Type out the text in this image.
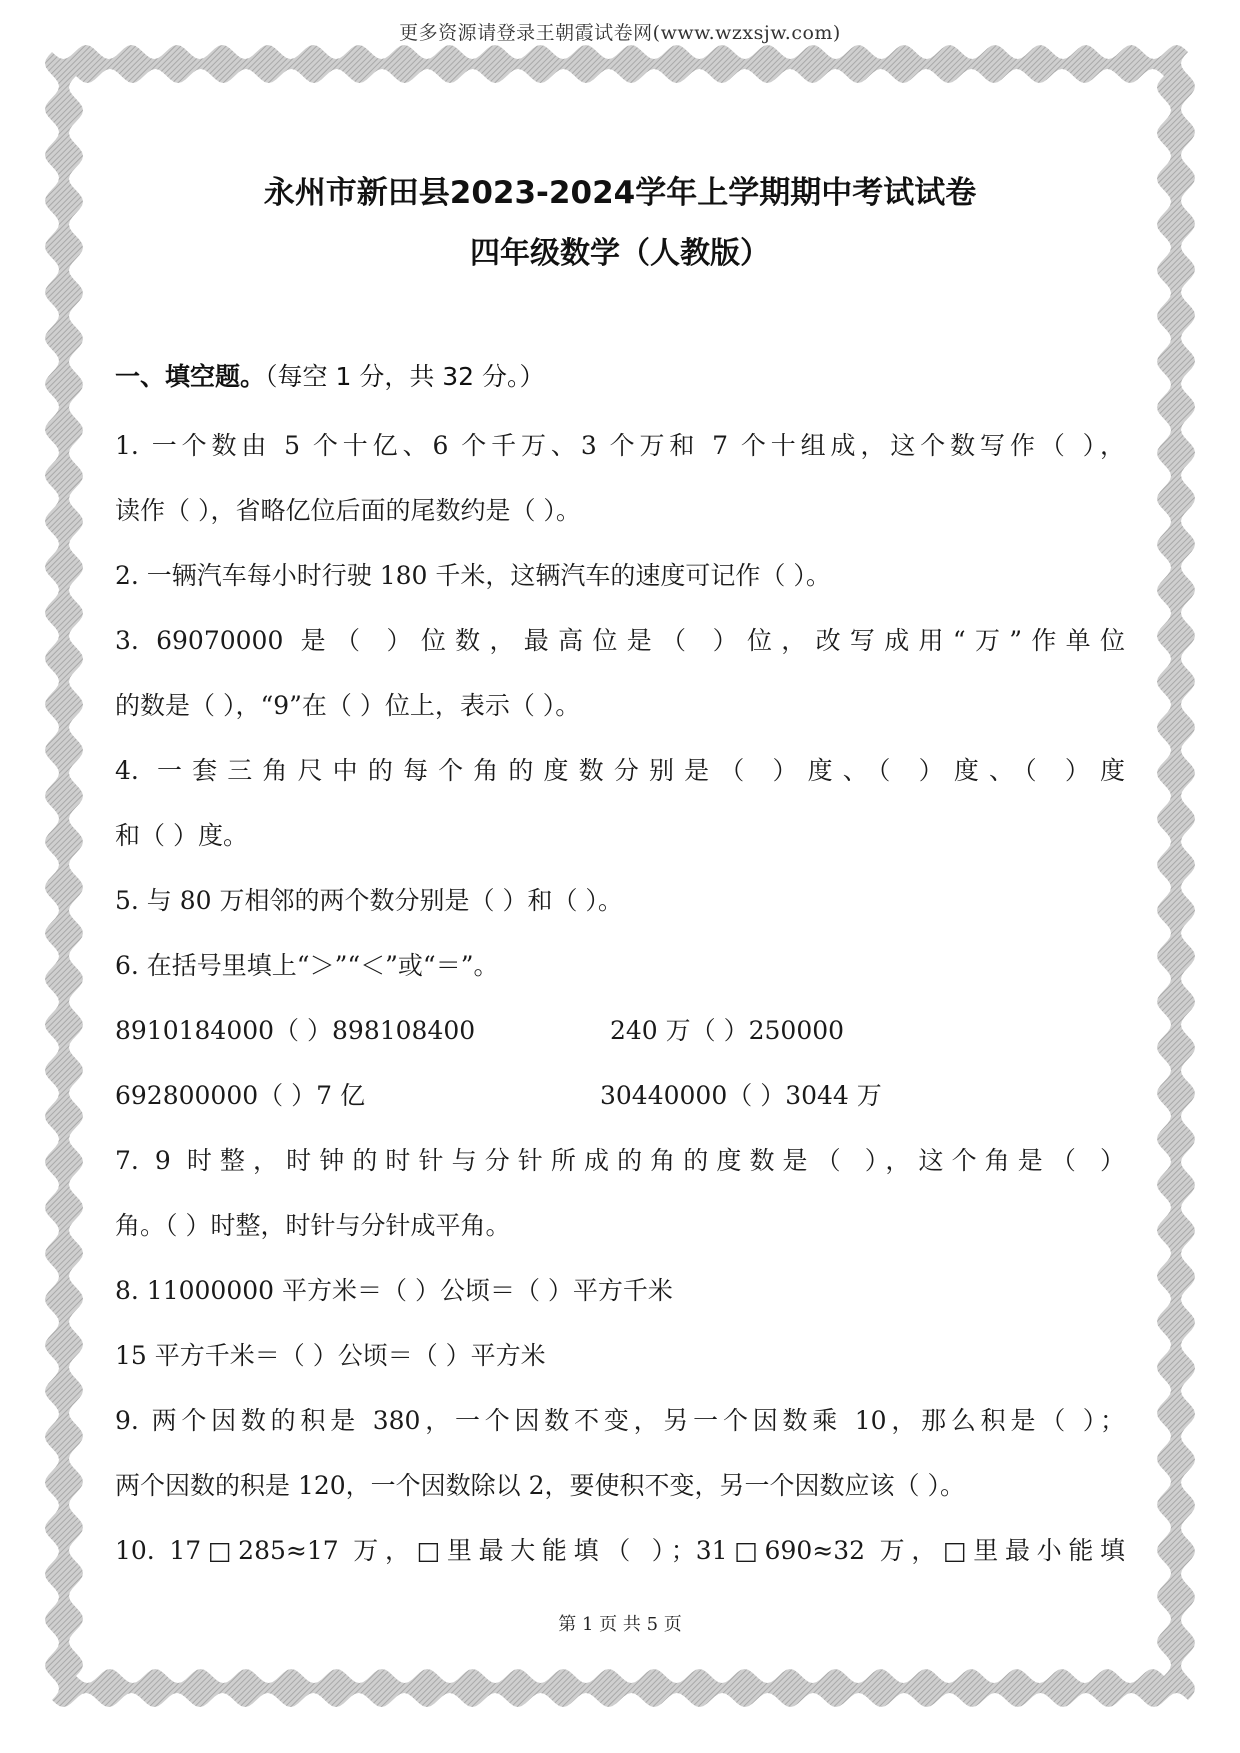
更多资源请登录王朝霞试卷网(www.wzxsjw.com)
永州市新田县2023-2024学年上学期期中考试试卷
四年级数学（人教版）
一、填空题。（每空 1 分，共 32 分。）
1. 一个数由 5 个十亿、6 个千万、3 个万和 7 个十组成，这个数写作（ ），
读作（ ），省略亿位后面的尾数约是（ ）。
2. 一辆汽车每小时行驶 180 千米，这辆汽车的速度可记作（ ）。
3. 69070000 是（ ）位数，最高位是（ ）位，改写成用“万”作单位
的数是（ ），“9”在（ ）位上，表示（ ）。
4. 一套三角尺中的每个角的度数分别是（ ）度、（ ）度、（ ）度
和（ ）度。
5. 与 80 万相邻的两个数分别是（ ）和（ ）。
6. 在括号里填上“＞”“＜”或“＝”。
8910184000（ ）898108400	240 万（ ）250000
692800000（ ）7 亿	30440000（ ）3044 万
7. 9 时整，时钟的时针与分针所成的角的度数是（ ），这个角是（ ）
角。（ ）时整，时针与分针成平角。
8. 11000000 平方米＝（ ）公顷＝（ ）平方千米
15 平方千米＝（ ）公顷＝（ ）平方米
9. 两个因数的积是 380，一个因数不变，另一个因数乘 10，那么积是（ ）；
两个因数的积是 120，一个因数除以 2，要使积不变，另一个因数应该（ ）。
10. 17□285≈17 万，□里最大能填（ ）；31□690≈32 万，□里最小能填
第 1 页 共 5 页
